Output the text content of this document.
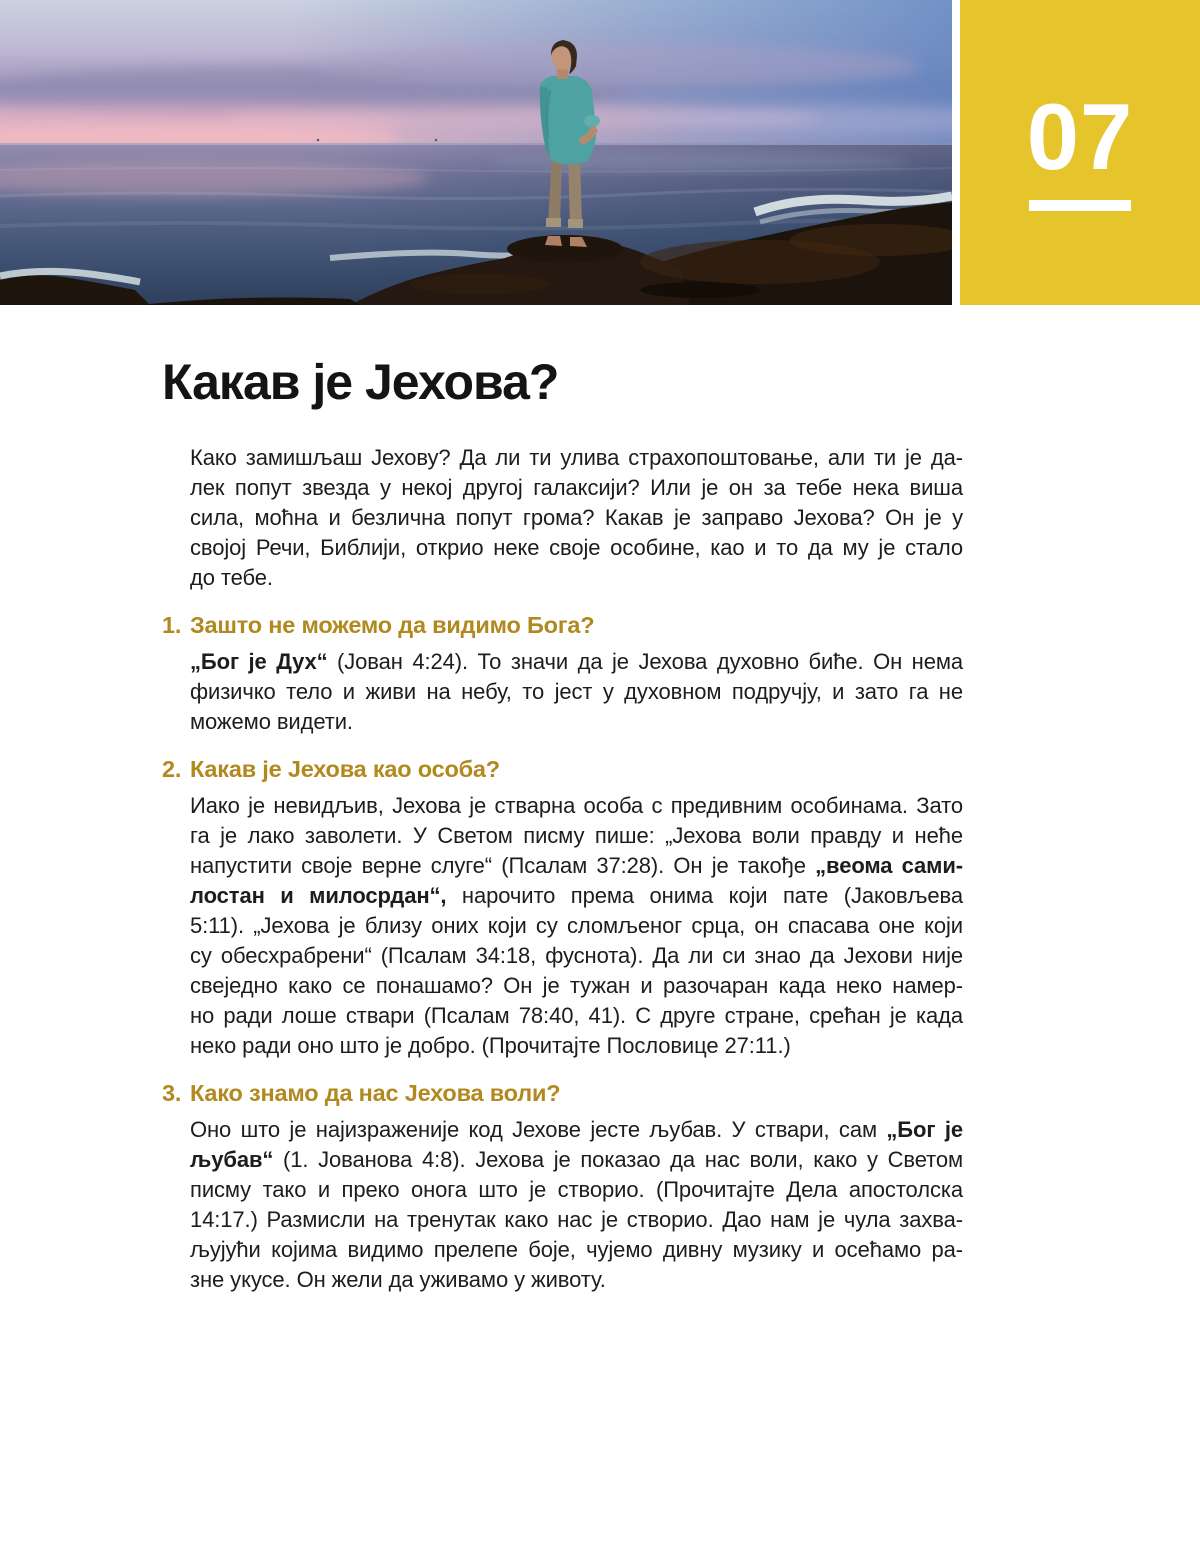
07
Какав је Јехова?
Како замишљаш Јехову? Да ли ти улива страхопоштовање, али ти је да-
лек попут звезда у некој другој галаксији? Или је он за тебе нека виша
сила, моћна и безлична попут грома? Какав је заправо Јехова? Он је у
својој Речи, Библији, открио неке своје особине, као и то да му је стало
до тебе.
1. Зашто не можемо да видимо Бога?
„Бог је Дух“ (Јован 4:24). То значи да је Јехова духовно биће. Он нема
физичко тело и живи на небу, то јест у духовном подручју, и зато га не
можемо видети.
2. Какав је Јехова као особа?
Иако је невидљив, Јехова је стварна особа с предивним особинама. Зато
га је лако заволети. У Светом писму пише: „Јехова воли правду и неће
напустити своје верне слуге“ (Псалам 37:28). Он је такође „веома сами-
лостан и милосрдан“, нарочито према онима који пате (Јаковљева
5:11). „Јехова је близу оних који су сломљеног срца, он спасава оне који
су обесхрабрени“ (Псалам 34:18, фуснота). Да ли си знао да Јехови није
свеједно како се понашамо? Он је тужан и разочаран када неко намер-
но ради лоше ствари (Псалам 78:40, 41). С друге стране, срећан је када
неко ради оно што је добро. (Прочитајте Пословице 27:11.)
3. Како знамо да нас Јехова воли?
Оно што је најизраженије код Јехове јесте љубав. У ствари, сам „Бог је
љубав“ (1. Јованова 4:8). Јехова је показао да нас воли, како у Светом
писму тако и преко онога што је створио. (Прочитајте Дела апостолска
14:17.) Размисли на тренутак како нас је створио. Дао нам је чула захва-
љујући којима видимо прелепе боје, чујемо дивну музику и осећамо ра-
зне укусе. Он жели да уживамо у животу.
